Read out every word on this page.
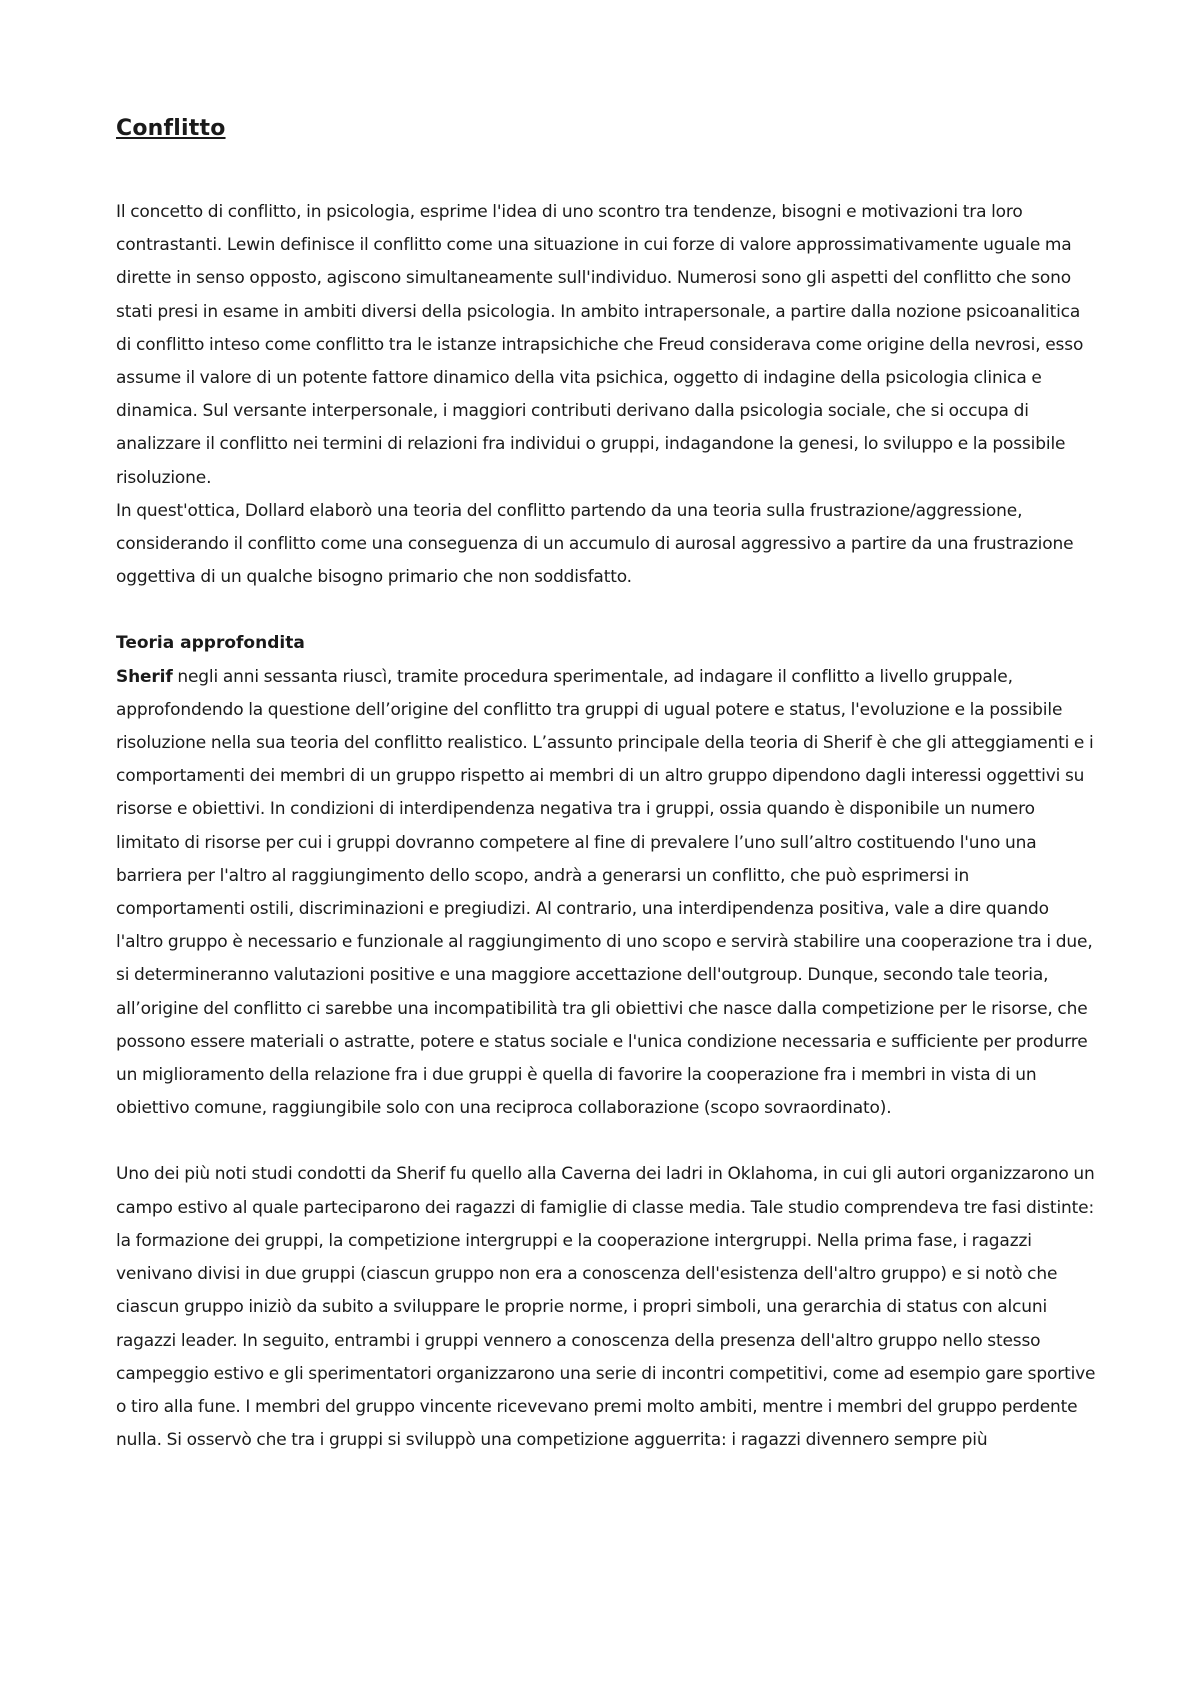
Conflitto

Il concetto di conflitto, in psicologia, esprime l'idea di uno scontro tra tendenze, bisogni e motivazioni tra loro contrastanti. Lewin definisce il conflitto come una situazione in cui forze di valore approssimativamente uguale ma dirette in senso opposto, agiscono simultaneamente sull'individuo. Numerosi sono gli aspetti del conflitto che sono stati presi in esame in ambiti diversi della psicologia. In ambito intrapersonale, a partire dalla nozione psicoanalitica di conflitto inteso come conflitto tra le istanze intrapsichiche che Freud considerava come origine della nevrosi, esso assume il valore di un potente fattore dinamico della vita psichica, oggetto di indagine della psicologia clinica e dinamica. Sul versante interpersonale, i maggiori contributi derivano dalla psicologia sociale, che si occupa di analizzare il conflitto nei termini di relazioni fra individui o gruppi, indagandone la genesi, lo sviluppo e la possibile risoluzione.

In quest'ottica, Dollard elaborò una teoria del conflitto partendo da una teoria sulla frustrazione/aggressione, considerando il conflitto come una conseguenza di un accumulo di aurosal aggressivo a partire da una frustrazione oggettiva di un qualche bisogno primario che non soddisfatto.

Teoria approfondita

Sherif negli anni sessanta riuscì, tramite procedura sperimentale, ad indagare il conflitto a livello gruppale, approfondendo la questione dell’origine del conflitto tra gruppi di ugual potere e status, l'evoluzione e la possibile risoluzione nella sua teoria del conflitto realistico. L’assunto principale della teoria di Sherif è che gli atteggiamenti e i comportamenti dei membri di un gruppo rispetto ai membri di un altro gruppo dipendono dagli interessi oggettivi su risorse e obiettivi. In condizioni di interdipendenza negativa tra i gruppi, ossia quando è disponibile un numero limitato di risorse per cui i gruppi dovranno competere al fine di prevalere l’uno sull’altro costituendo l'uno una barriera per l'altro al raggiungimento dello scopo, andrà a generarsi un conflitto, che può esprimersi in comportamenti ostili, discriminazioni e pregiudizi. Al contrario, una interdipendenza positiva, vale a dire quando l'altro gruppo è necessario e funzionale al raggiungimento di uno scopo e servirà stabilire una cooperazione tra i due, si determineranno valutazioni positive e una maggiore accettazione dell'outgroup. Dunque, secondo tale teoria, all’origine del conflitto ci sarebbe una incompatibilità tra gli obiettivi che nasce dalla competizione per le risorse, che possono essere materiali o astratte, potere e status sociale e l'unica condizione necessaria e sufficiente per produrre un miglioramento della relazione fra i due gruppi è quella di favorire la cooperazione fra i membri in vista di un obiettivo comune, raggiungibile solo con una reciproca collaborazione (scopo sovraordinato).

Uno dei più noti studi condotti da Sherif fu quello alla Caverna dei ladri in Oklahoma, in cui gli autori organizzarono un campo estivo al quale parteciparono dei ragazzi di famiglie di classe media. Tale studio comprendeva tre fasi distinte: la formazione dei gruppi, la competizione intergruppi e la cooperazione intergruppi. Nella prima fase, i ragazzi venivano divisi in due gruppi (ciascun gruppo non era a conoscenza dell'esistenza dell'altro gruppo) e si notò che ciascun gruppo iniziò da subito a sviluppare le proprie norme, i propri simboli, una gerarchia di status con alcuni ragazzi leader. In seguito, entrambi i gruppi vennero a conoscenza della presenza dell'altro gruppo nello stesso campeggio estivo e gli sperimentatori organizzarono una serie di incontri competitivi, come ad esempio gare sportive o tiro alla fune. I membri del gruppo vincente ricevevano premi molto ambiti, mentre i membri del gruppo perdente nulla. Si osservò che tra i gruppi si sviluppò una competizione agguerrita: i ragazzi divennero sempre più
